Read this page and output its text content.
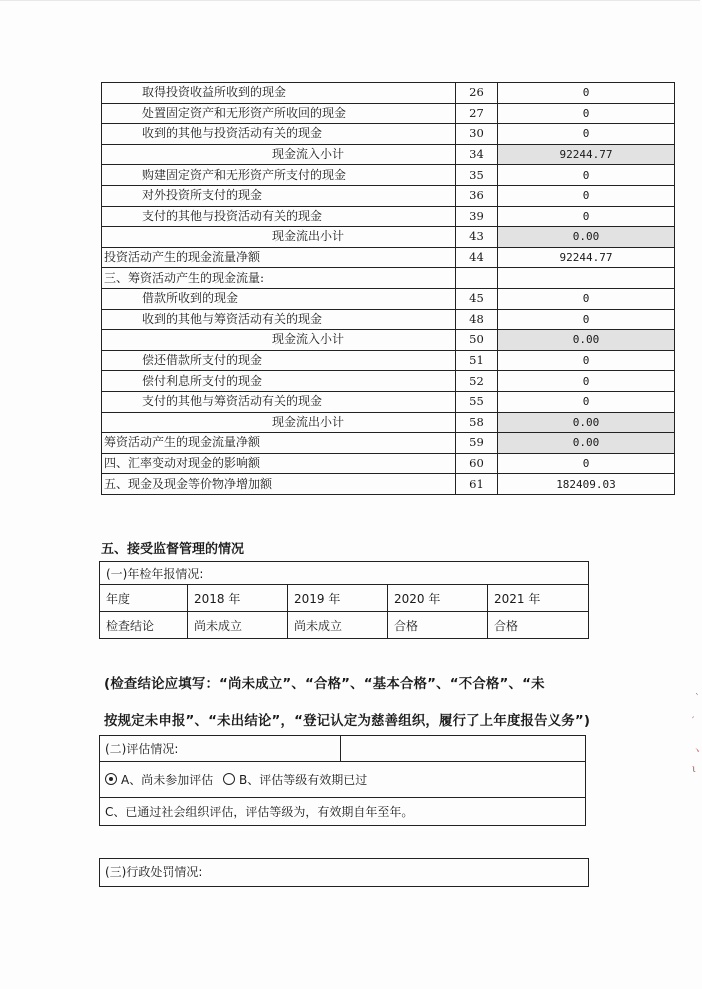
取得投资收益所收到的现金	26	0
处置固定资产和无形资产所收回的现金	27	0
收到的其他与投资活动有关的现金	30	0
现金流入小计	34	92244.77
购建固定资产和无形资产所支付的现金	35	0
对外投资所支付的现金	36	0
支付的其他与投资活动有关的现金	39	0
现金流出小计	43	0.00
投资活动产生的现金流量净额	44	92244.77
三、筹资活动产生的现金流量:		
借款所收到的现金	45	0
收到的其他与筹资活动有关的现金	48	0
现金流入小计	50	0.00
偿还借款所支付的现金	51	0
偿付利息所支付的现金	52	0
支付的其他与筹资活动有关的现金	55	0
现金流出小计	58	0.00
筹资活动产生的现金流量净额	59	0.00
四、汇率变动对现金的影响额	60	0
五、现金及现金等价物净增加额	61	182409.03
五、接受监督管理的情况
(一)年检年报情况:				
年度	2018 年	2019 年	2020 年	2021 年
检查结论	尚未成立	尚未成立	合格	合格
(检查结论应填写：“尚未成立”、“合格”、“基本合格”、“不合格”、“未
按规定未申报”、“未出结论”，“登记认定为慈善组织，履行了上年度报告义务”)
(二)评估情况:	
A、尚未参加评估 B、评估等级有效期已过
C、已通过社会组织评估，评估等级为，有效期自年至年。
(三)行政处罚情况:
｀
′
ヽ
ι
